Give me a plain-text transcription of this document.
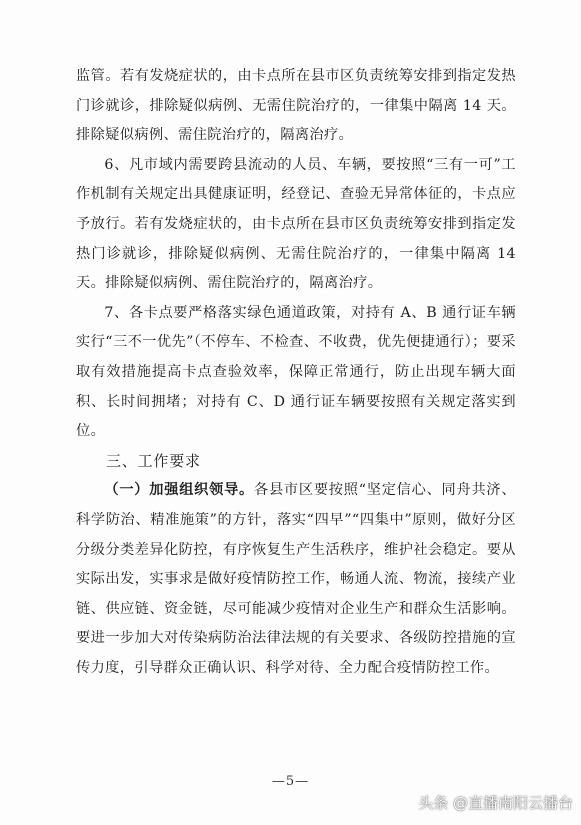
监管。若有发烧症状的，由卡点所在县市区负责统筹安排到指定发热门诊就诊，排除疑似病例、无需住院治疗的，一律集中隔离 14 天。排除疑似病例、需住院治疗的，隔离治疗。

6、凡市域内需要跨县流动的人员、车辆，要按照“三有一可”工作机制有关规定出具健康证明，经登记、查验无异常体征的，卡点应予放行。若有发烧症状的，由卡点所在县市区负责统筹安排到指定发热门诊就诊，排除疑似病例、无需住院治疗的，一律集中隔离 14 天。排除疑似病例、需住院治疗的，隔离治疗。

7、各卡点要严格落实绿色通道政策，对持有 A、B 通行证车辆实行“三不一优先”（不停车、不检查、不收费，优先便捷通行）；要采取有效措施提高卡点查验效率，保障正常通行，防止出现车辆大面积、长时间拥堵；对持有 C、D 通行证车辆要按照有关规定落实到位。

三、工作要求

（一）加强组织领导。各县市区要按照“坚定信心、同舟共济、科学防治、精准施策”的方针，落实“四早”“四集中”原则，做好分区分级分类差异化防控，有序恢复生产生活秩序，维护社会稳定。要从实际出发，实事求是做好疫情防控工作，畅通人流、物流，接续产业链、供应链、资金链，尽可能减少疫情对企业生产和群众生活影响。要进一步加大对传染病防治法律法规的有关要求、各级防控措施的宣传力度，引导群众正确认识、科学对待、全力配合疫情防控工作。

—5—
头条 @直播南阳云播台
